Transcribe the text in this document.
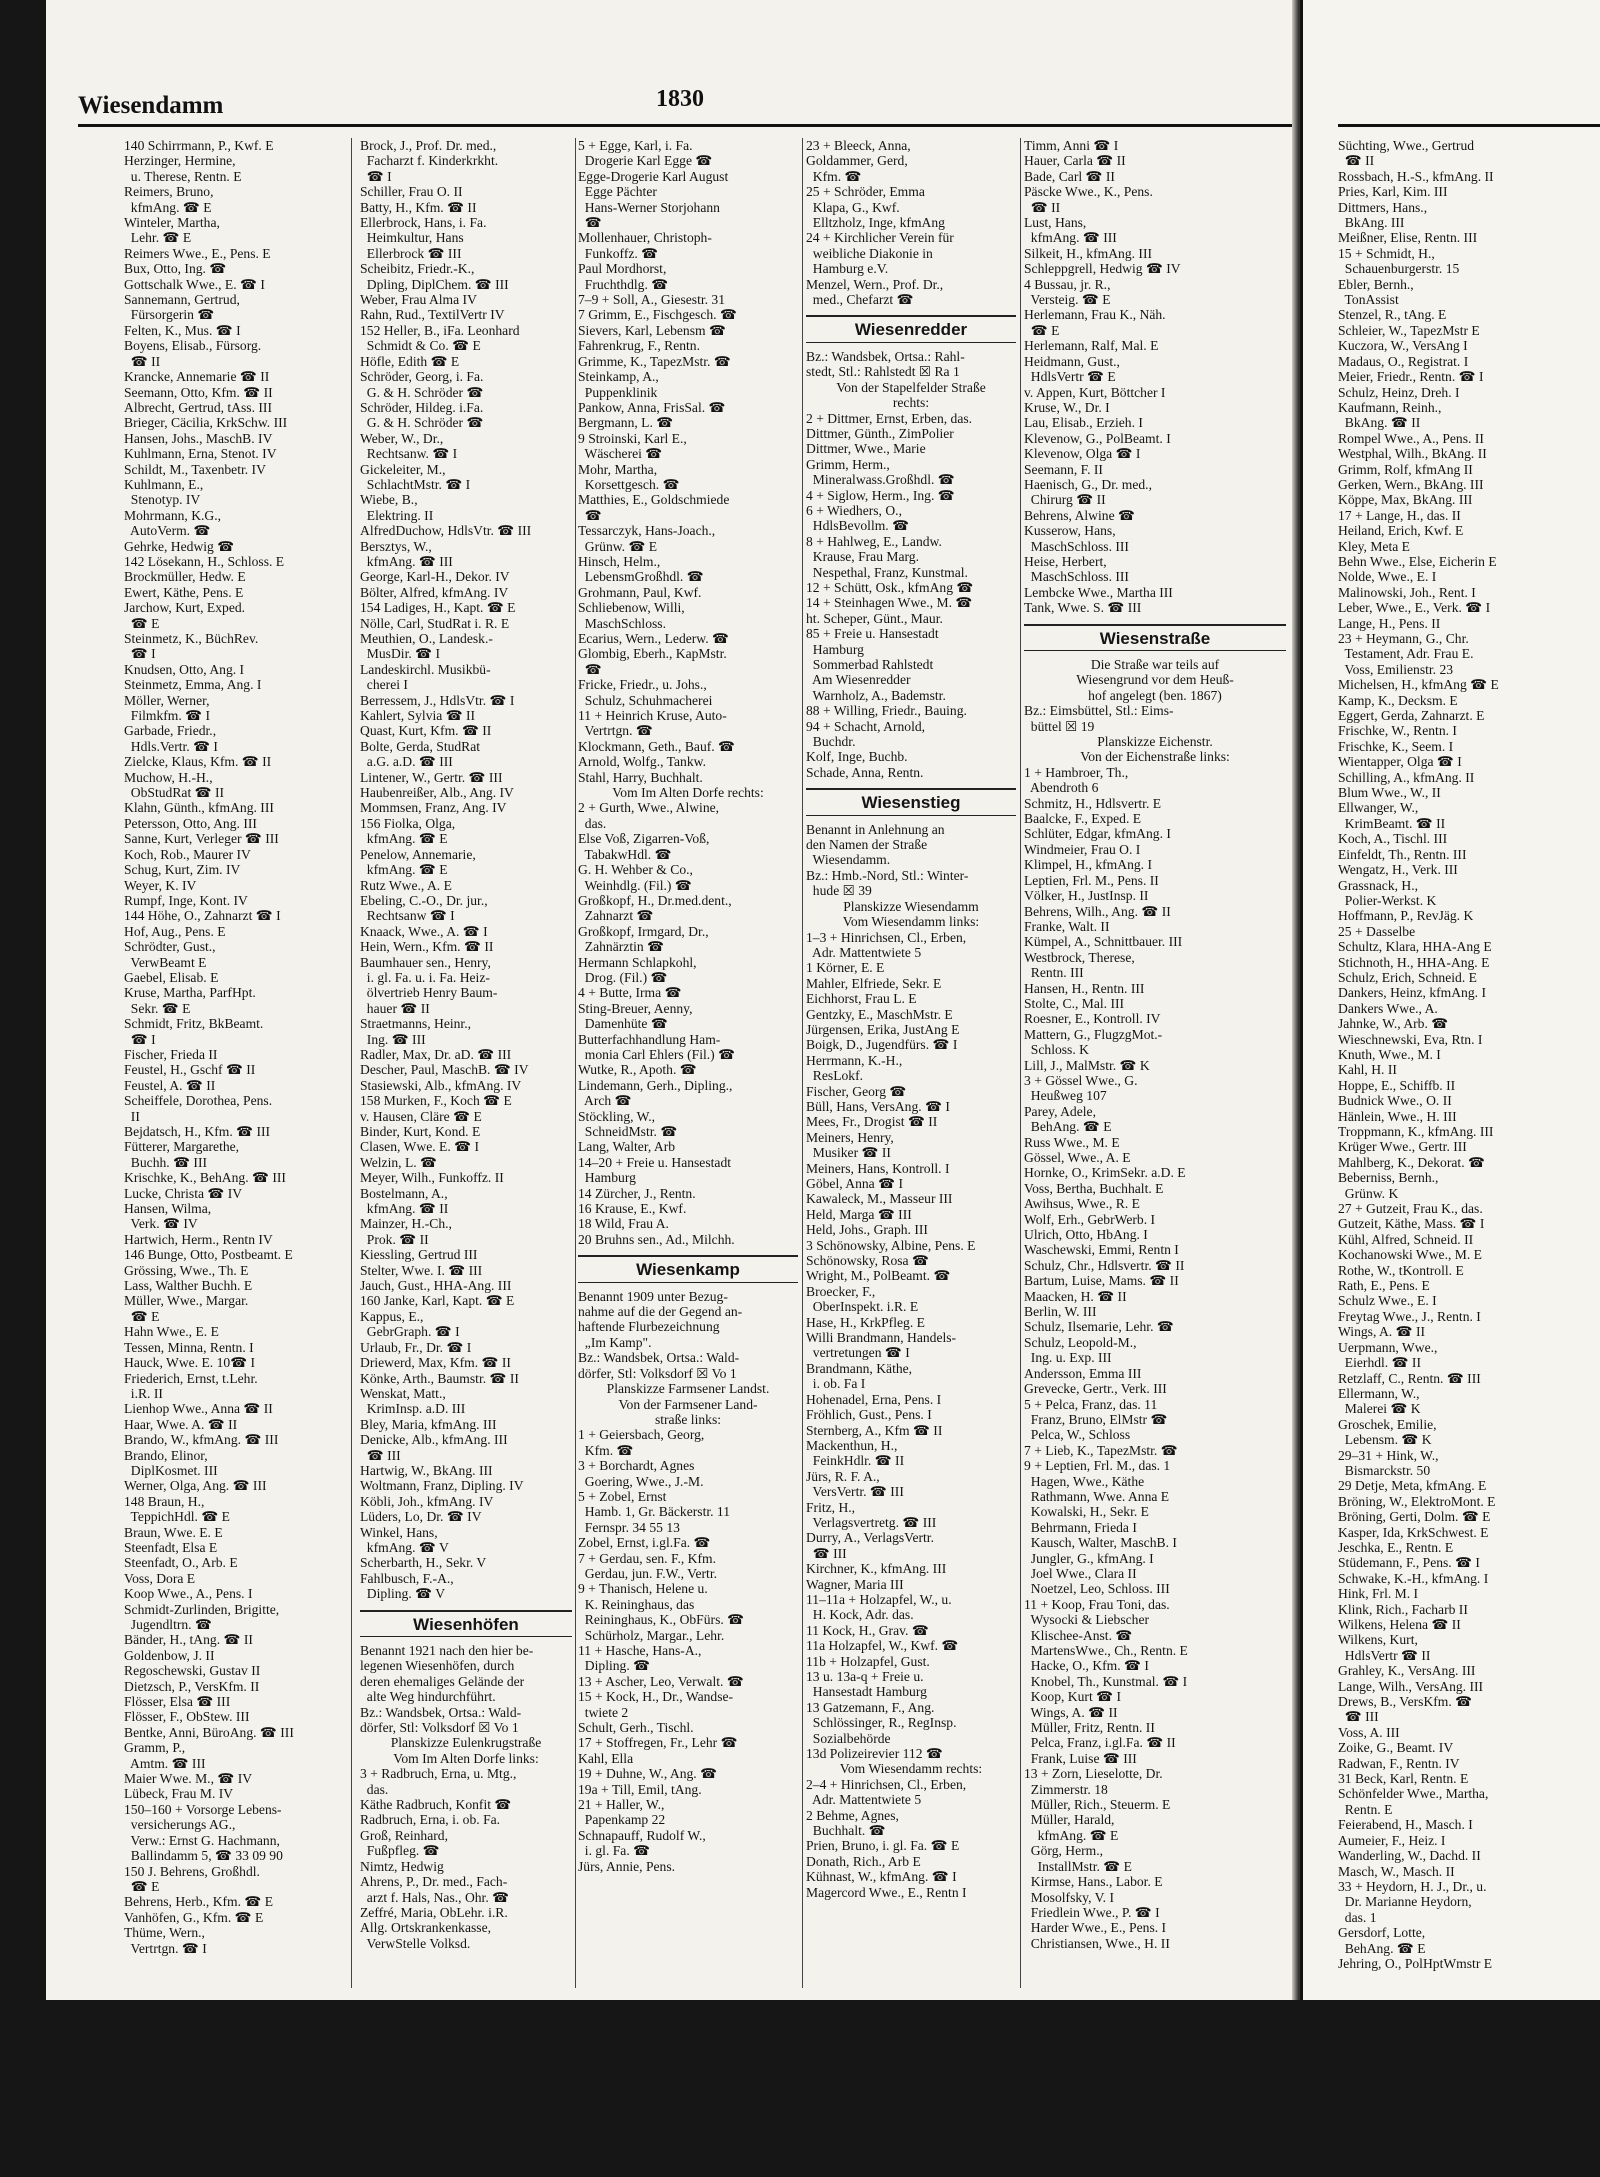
Wiesendamm	1830
140 Schirrmann, P., Kwf. E
Herzinger, Hermine,
u. Therese, Rentn. E
Reimers, Bruno,
kfmAng. ☎ E
Winteler, Martha,
Lehr. ☎ E
Reimers Wwe., E., Pens. E
Bux, Otto, Ing. ☎
Gottschalk Wwe., E. ☎ I
Sannemann, Gertrud,
Fürsorgerin ☎
Felten, K., Mus. ☎ I
Boyens, Elisab., Fürsorg.
☎ II
Krancke, Annemarie ☎ II
Seemann, Otto, Kfm. ☎ II
Albrecht, Gertrud, tAss. III
Brieger, Cäcilia, KrkSchw. III
Hansen, Johs., MaschB. IV
Kuhlmann, Erna, Stenot. IV
Schildt, M., Taxenbetr. IV
Kuhlmann, E.,
Stenotyp. IV
Mohrmann, K.G.,
AutoVerm. ☎
Gehrke, Hedwig ☎
142 Lösekann, H., Schloss. E
Brockmüller, Hedw. E
Ewert, Käthe, Pens. E
Jarchow, Kurt, Exped.
☎ E
Steinmetz, K., BüchRev.
☎ I
Knudsen, Otto, Ang. I
Steinmetz, Emma, Ang. I
Möller, Werner,
Filmkfm. ☎ I
Garbade, Friedr.,
Hdls.Vertr. ☎ I
Zielcke, Klaus, Kfm. ☎ II
Muchow, H.-H.,
ObStudRat ☎ II
Klahn, Günth., kfmAng. III
Petersson, Otto, Ang. III
Sanne, Kurt, Verleger ☎ III
Koch, Rob., Maurer IV
Schug, Kurt, Zim. IV
Weyer, K. IV
Rumpf, Inge, Kont. IV
144 Höhe, O., Zahnarzt ☎ I
Hof, Aug., Pens. E
Schrödter, Gust.,
VerwBeamt E
Gaebel, Elisab. E
Kruse, Martha, ParfHpt.
Sekr. ☎ E
Schmidt, Fritz, BkBeamt.
☎ I
Fischer, Frieda II
Feustel, H., Gschf ☎ II
Feustel, A. ☎ II
Scheiffele, Dorothea, Pens.
II
Bejdatsch, H., Kfm. ☎ III
Fütterer, Margarethe,
Buchh. ☎ III
Krischke, K., BehAng. ☎ III
Lucke, Christa ☎ IV
Hansen, Wilma,
Verk. ☎ IV
Hartwich, Herm., Rentn IV
146 Bunge, Otto, Postbeamt. E
Grössing, Wwe., Th. E
Lass, Walther Buchh. E
Müller, Wwe., Margar.
☎ E
Hahn Wwe., E. E
Tessen, Minna, Rentn. I
Hauck, Wwe. E. 10☎ I
Friederich, Ernst, t.Lehr.
i.R. II
Lienhop Wwe., Anna ☎ II
Haar, Wwe. A. ☎ II
Brando, W., kfmAng. ☎ III
Brando, Elinor,
DiplKosmet. III
Werner, Olga, Ang. ☎ III
148 Braun, H.,
TeppichHdl. ☎ E
Braun, Wwe. E. E
Steenfadt, Elsa E
Steenfadt, O., Arb. E
Voss, Dora E
Koop Wwe., A., Pens. I
Schmidt-Zurlinden, Brigitte,
Jugendltrn. ☎
Bänder, H., tAng. ☎ II
Goldenbow, J. II
Regoschewski, Gustav II
Dietzsch, P., VersKfm. II
Flösser, Elsa ☎ III
Flösser, F., ObStew. III
Bentke, Anni, BüroAng. ☎ III
Gramm, P.,
Amtm. ☎ III
Maier Wwe. M., ☎ IV
Lübeck, Frau M. IV
150–160 + Vorsorge Lebens-
versicherungs AG.,
Verw.: Ernst G. Hachmann,
Ballindamm 5, ☎ 33 09 90
150 J. Behrens, Großhdl.
☎ E
Behrens, Herb., Kfm. ☎ E
Vanhöfen, G., Kfm. ☎ E
Thüme, Wern.,
Vertrtgn. ☎ I
Brock, J., Prof. Dr. med.,
Facharzt f. Kinderkrkht.
☎ I
Schiller, Frau O. II
Batty, H., Kfm. ☎ II
Ellerbrock, Hans, i. Fa.
Heimkultur, Hans
Ellerbrock ☎ III
Scheibitz, Friedr.-K.,
Dpling, DiplChem. ☎ III
Weber, Frau Alma IV
Rahn, Rud., TextilVertr IV
152 Heller, B., iFa. Leonhard
Schmidt & Co. ☎ E
Höfle, Edith ☎ E
Schröder, Georg, i. Fa.
G. & H. Schröder ☎
Schröder, Hildeg. i.Fa.
G. & H. Schröder ☎
Weber, W., Dr.,
Rechtsanw. ☎ I
Gickeleiter, M.,
SchlachtMstr. ☎ I
Wiebe, B.,
Elektring. II
AlfredDuchow, HdlsVtr. ☎ III
Bersztys, W.,
kfmAng. ☎ III
George, Karl-H., Dekor. IV
Bölter, Alfred, kfmAng. IV
154 Ladiges, H., Kapt. ☎ E
Nölle, Carl, StudRat i. R. E
Meuthien, O., Landesk.-
MusDir. ☎ I
Landeskirchl. Musikbü-
cherei I
Berressem, J., HdlsVtr. ☎ I
Kahlert, Sylvia ☎ II
Quast, Kurt, Kfm. ☎ II
Bolte, Gerda, StudRat
a.G. a.D. ☎ III
Lintener, W., Gertr. ☎ III
Haubenreißer, Alb., Ang. IV
Mommsen, Franz, Ang. IV
156 Fiolka, Olga,
kfmAng. ☎ E
Penelow, Annemarie,
kfmAng. ☎ E
Rutz Wwe., A. E
Ebeling, C.-O., Dr. jur.,
Rechtsanw ☎ I
Knaack, Wwe., A. ☎ I
Hein, Wern., Kfm. ☎ II
Baumhauer sen., Henry,
i. gl. Fa. u. i. Fa. Heiz-
ölvertrieb Henry Baum-
hauer ☎ II
Straetmanns, Heinr.,
Ing. ☎ III
Radler, Max, Dr. aD. ☎ III
Descher, Paul, MaschB. ☎ IV
Stasiewski, Alb., kfmAng. IV
158 Murken, F., Koch ☎ E
v. Hausen, Cläre ☎ E
Binder, Kurt, Kond. E
Clasen, Wwe. E. ☎ I
Welzin, L. ☎
Meyer, Wilh., Funkoffz. II
Bostelmann, A.,
kfmAng. ☎ II
Mainzer, H.-Ch.,
Prok. ☎ II
Kiessling, Gertrud III
Stelter, Wwe. I. ☎ III
Jauch, Gust., HHA-Ang. III
160 Janke, Karl, Kapt. ☎ E
Kappus, E.,
GebrGraph. ☎ I
Urlaub, Fr., Dr. ☎ I
Driewerd, Max, Kfm. ☎ II
Könke, Arth., Baumstr. ☎ II
Wenskat, Matt.,
KrimInsp. a.D. III
Bley, Maria, kfmAng. III
Denicke, Alb., kfmAng. III
☎ III
Hartwig, W., BkAng. III
Woltmann, Franz, Dipling. IV
Köbli, Joh., kfmAng. IV
Lüders, Lo, Dr. ☎ IV
Winkel, Hans,
kfmAng. ☎ V
Scherbarth, H., Sekr. V
Fahlbusch, F.-A.,
Dipling. ☎ V
Wiesenhöfen
Benannt 1921 nach den hier be-
legenen Wiesenhöfen, durch
deren ehemaliges Gelände der
alte Weg hindurchführt.
Bz.: Wandsbek, Ortsa.: Wald-
dörfer, Stl: Volksdorf ☒ Vo 1
Planskizze Eulenkrugstraße
Vom Im Alten Dorfe links:
3 + Radbruch, Erna, u. Mtg.,
das.
Käthe Radbruch, Konfit ☎
Radbruch, Erna, i. ob. Fa.
Groß, Reinhard,
Fußpfleg. ☎
Nimtz, Hedwig
Ahrens, P., Dr. med., Fach-
arzt f. Hals, Nas., Ohr. ☎
Zeffré, Maria, ObLehr. i.R.
Allg. Ortskrankenkasse,
VerwStelle Volksd.
5 + Egge, Karl, i. Fa.
Drogerie Karl Egge ☎
Egge-Drogerie Karl August
Egge Pächter
Hans-Werner Storjohann
☎
Mollenhauer, Christoph-
Funkoffz. ☎
Paul Mordhorst,
Fruchthdlg. ☎
7–9 + Soll, A., Giesestr. 31
7 Grimm, E., Fischgesch. ☎
Sievers, Karl, Lebensm ☎
Fahrenkrug, F., Rentn.
Grimme, K., TapezMstr. ☎
Steinkamp, A.,
Puppenklinik
Pankow, Anna, FrisSal. ☎
Bergmann, L. ☎
9 Stroinski, Karl E.,
Wäscherei ☎
Mohr, Martha,
Korsettgesch. ☎
Matthies, E., Goldschmiede
☎
Tessarczyk, Hans-Joach.,
Grünw. ☎ E
Hinsch, Helm.,
LebensmGroßhdl. ☎
Grohmann, Paul, Kwf.
Schliebenow, Willi,
MaschSchloss.
Ecarius, Wern., Lederw. ☎
Glombig, Eberh., KapMstr.
☎
Fricke, Friedr., u. Johs.,
Schulz, Schuhmacherei
11 + Heinrich Kruse, Auto-
Vertrtgn. ☎
Klockmann, Geth., Bauf. ☎
Arnold, Wolfg., Tankw.
Stahl, Harry, Buchhalt.
Vom Im Alten Dorfe rechts:
2 + Gurth, Wwe., Alwine,
das.
Else Voß, Zigarren-Voß,
TabakwHdl. ☎
G. H. Wehber & Co.,
Weinhdlg. (Fil.) ☎
Großkopf, H., Dr.med.dent.,
Zahnarzt ☎
Großkopf, Irmgard, Dr.,
Zahnärztin ☎
Hermann Schlapkohl,
Drog. (Fil.) ☎
4 + Butte, Irma ☎
Sting-Breuer, Aenny,
Damenhüte ☎
Butterfachhandlung Ham-
monia Carl Ehlers (Fil.) ☎
Wutke, R., Apoth. ☎
Lindemann, Gerh., Dipling.,
Arch ☎
Stöckling, W.,
SchneidMstr. ☎
Lang, Walter, Arb
14–20 + Freie u. Hansestadt
Hamburg
14 Zürcher, J., Rentn.
16 Krause, E., Kwf.
18 Wild, Frau A.
20 Bruhns sen., Ad., Milchh.
Wiesenkamp
Benannt 1909 unter Bezug-
nahme auf die der Gegend an-
haftende Flurbezeichnung
„Im Kamp".
Bz.: Wandsbek, Ortsa.: Wald-
dörfer, Stl: Volksdorf ☒ Vo 1
Planskizze Farmsener Landst.
Von der Farmsener Land-
straße links:
1 + Geiersbach, Georg,
Kfm. ☎
3 + Borchardt, Agnes
Goering, Wwe., J.-M.
5 + Zobel, Ernst
Hamb. 1, Gr. Bäckerstr. 11
Fernspr. 34 55 13
Zobel, Ernst, i.gl.Fa. ☎
7 + Gerdau, sen. F., Kfm.
Gerdau, jun. F.W., Vertr.
9 + Thanisch, Helene u.
K. Reininghaus, das
Reininghaus, K., ObFürs. ☎
Schürholz, Margar., Lehr.
11 + Hasche, Hans-A.,
Dipling. ☎
13 + Ascher, Leo, Verwalt. ☎
15 + Kock, H., Dr., Wandse-
twiete 2
Schult, Gerh., Tischl.
17 + Stoffregen, Fr., Lehr ☎
Kahl, Ella
19 + Duhne, W., Ang. ☎
19a + Till, Emil, tAng.
21 + Haller, W.,
Papenkamp 22
Schnapauff, Rudolf W.,
i. gl. Fa. ☎
Jürs, Annie, Pens.
23 + Bleeck, Anna,
Goldammer, Gerd,
Kfm. ☎
25 + Schröder, Emma
Klapa, G., Kwf.
Elltzholz, Inge, kfmAng
24 + Kirchlicher Verein für
weibliche Diakonie in
Hamburg e.V.
Menzel, Wern., Prof. Dr.,
med., Chefarzt ☎
Wiesenredder
Bz.: Wandsbek, Ortsa.: Rahl-
stedt, Stl.: Rahlstedt ☒ Ra 1
Von der Stapelfelder Straße
rechts:
2 + Dittmer, Ernst, Erben, das.
Dittmer, Günth., ZimPolier
Dittmer, Wwe., Marie
Grimm, Herm.,
Mineralwass.Großhdl. ☎
4 + Siglow, Herm., Ing. ☎
6 + Wiedhers, O.,
HdlsBevollm. ☎
8 + Hahlweg, E., Landw.
Krause, Frau Marg.
Nespethal, Franz, Kunstmal.
12 + Schütt, Osk., kfmAng ☎
14 + Steinhagen Wwe., M. ☎
ht. Scheper, Günt., Maur.
85 + Freie u. Hansestadt
Hamburg
Sommerbad Rahlstedt
Am Wiesenredder
Warnholz, A., Bademstr.
88 + Willing, Friedr., Bauing.
94 + Schacht, Arnold,
Buchdr.
Kolf, Inge, Buchb.
Schade, Anna, Rentn.
Wiesenstieg
Benannt in Anlehnung an
den Namen der Straße
Wiesendamm.
Bz.: Hmb.-Nord, Stl.: Winter-
hude ☒ 39
Planskizze Wiesendamm
Vom Wiesendamm links:
1–3 + Hinrichsen, Cl., Erben,
Adr. Mattentwiete 5
1 Körner, E. E
Mahler, Elfriede, Sekr. E
Eichhorst, Frau L. E
Gentzky, E., MaschMstr. E
Jürgensen, Erika, JustAng E
Boigk, D., Jugendfürs. ☎ I
Herrmann, K.-H.,
ResLokf.
Fischer, Georg ☎
Büll, Hans, VersAng. ☎ I
Mees, Fr., Drogist ☎ II
Meiners, Henry,
Musiker ☎ II
Meiners, Hans, Kontroll. I
Göbel, Anna ☎ I
Kawaleck, M., Masseur III
Held, Marga ☎ III
Held, Johs., Graph. III
3 Schönowsky, Albine, Pens. E
Schönowsky, Rosa ☎
Wright, M., PolBeamt. ☎
Broecker, F.,
OberInspekt. i.R. E
Hase, H., KrkPfleg. E
Willi Brandmann, Handels-
vertretungen ☎ I
Brandmann, Käthe,
i. ob. Fa I
Hohenadel, Erna, Pens. I
Fröhlich, Gust., Pens. I
Sternberg, A., Kfm ☎ II
Mackenthun, H.,
FeinkHdlr. ☎ II
Jürs, R. F. A.,
VersVertr. ☎ III
Fritz, H.,
Verlagsvertretg. ☎ III
Durry, A., VerlagsVertr.
☎ III
Kirchner, K., kfmAng. III
Wagner, Maria III
11–11a + Holzapfel, W., u.
H. Kock, Adr. das.
11 Kock, H., Grav. ☎
11a Holzapfel, W., Kwf. ☎
11b + Holzapfel, Gust.
13 u. 13a-q + Freie u.
Hansestadt Hamburg
13 Gatzemann, F., Ang.
Schlössinger, R., RegInsp.
Sozialbehörde
13d Polizeirevier 112 ☎
Vom Wiesendamm rechts:
2–4 + Hinrichsen, Cl., Erben,
Adr. Mattentwiete 5
2 Behme, Agnes,
Buchhalt. ☎
Prien, Bruno, i. gl. Fa. ☎ E
Donath, Rich., Arb E
Kühnast, W., kfmAng. ☎ I
Magercord Wwe., E., Rentn I
Timm, Anni ☎ I
Hauer, Carla ☎ II
Bade, Carl ☎ II
Päscke Wwe., K., Pens.
☎ II
Lust, Hans,
kfmAng. ☎ III
Silkeit, H., kfmAng. III
Schleppgrell, Hedwig ☎ IV
4 Bussau, jr. R.,
Versteig. ☎ E
Herlemann, Frau K., Näh.
☎ E
Herlemann, Ralf, Mal. E
Heidmann, Gust.,
HdlsVertr ☎ E
v. Appen, Kurt, Böttcher I
Kruse, W., Dr. I
Lau, Elisab., Erzieh. I
Klevenow, G., PolBeamt. I
Klevenow, Olga ☎ I
Seemann, F. II
Haenisch, G., Dr. med.,
Chirurg ☎ II
Behrens, Alwine ☎
Kusserow, Hans,
MaschSchloss. III
Heise, Herbert,
MaschSchloss. III
Lembcke Wwe., Martha III
Tank, Wwe. S. ☎ III
Wiesenstraße
Die Straße war teils auf
Wiesengrund vor dem Heuß-
hof angelegt (ben. 1867)
Bz.: Eimsbüttel, Stl.: Eims-
büttel ☒ 19
Planskizze Eichenstr.
Von der Eichenstraße links:
1 + Hambroer, Th.,
Abendroth 6
Schmitz, H., Hdlsvertr. E
Baalcke, F., Exped. E
Schlüter, Edgar, kfmAng. I
Windmeier, Frau O. I
Klimpel, H., kfmAng. I
Leptien, Frl. M., Pens. II
Völker, H., JustInsp. II
Behrens, Wilh., Ang. ☎ II
Franke, Walt. II
Kümpel, A., Schnittbauer. III
Westbrock, Therese,
Rentn. III
Hansen, H., Rentn. III
Stolte, C., Mal. III
Roesner, E., Kontroll. IV
Mattern, G., FlugzgMot.-
Schloss. K
Lill, J., MalMstr. ☎ K
3 + Gössel Wwe., G.
Heußweg 107
Parey, Adele,
BehAng. ☎ E
Russ Wwe., M. E
Gössel, Wwe., A. E
Hornke, O., KrimSekr. a.D. E
Voss, Bertha, Buchhalt. E
Awihsus, Wwe., R. E
Wolf, Erh., GebrWerb. I
Ulrich, Otto, HbAng. I
Waschewski, Emmi, Rentn I
Schulz, Chr., Hdlsvertr. ☎ II
Bartum, Luise, Mams. ☎ II
Maacken, H. ☎ II
Berlin, W. III
Schulz, Ilsemarie, Lehr. ☎
Schulz, Leopold-M.,
Ing. u. Exp. III
Andersson, Emma III
Grevecke, Gertr., Verk. III
5 + Pelca, Franz, das. 11
Franz, Bruno, ElMstr ☎
Pelca, W., Schloss
7 + Lieb, K., TapezMstr. ☎
9 + Leptien, Frl. M., das. 1
Hagen, Wwe., Käthe
Rathmann, Wwe. Anna E
Kowalski, H., Sekr. E
Behrmann, Frieda I
Kausch, Walter, MaschB. I
Jungler, G., kfmAng. I
Joel Wwe., Clara II
Noetzel, Leo, Schloss. III
11 + Koop, Frau Toni, das.
Wysocki & Liebscher
Klischee-Anst. ☎
MartensWwe., Ch., Rentn. E
Hacke, O., Kfm. ☎ I
Knobel, Th., Kunstmal. ☎ I
Koop, Kurt ☎ I
Wings, A. ☎ II
Müller, Fritz, Rentn. II
Pelca, Franz, i.gl.Fa. ☎ II
Frank, Luise ☎ III
13 + Zorn, Lieselotte, Dr.
Zimmerstr. 18
Müller, Rich., Steuerm. E
Müller, Harald,
kfmAng. ☎ E
Görg, Herm.,
InstallMstr. ☎ E
Kirmse, Hans., Labor. E
Mosolfsky, V. I
Friedlein Wwe., P. ☎ I
Harder Wwe., E., Pens. I
Christiansen, Wwe., H. II
Süchting, Wwe., Gertrud
☎ II
Rossbach, H.-S., kfmAng. II
Pries, Karl, Kim. III
Dittmers, Hans.,
BkAng. III
Meißner, Elise, Rentn. III
15 + Schmidt, H.,
Schauenburgerstr. 15
Ebler, Bernh.,
TonAssist
Stenzel, R., tAng. E
Schleier, W., TapezMstr E
Kuczora, W., VersAng I
Madaus, O., Registrat. I
Meier, Friedr., Rentn. ☎ I
Schulz, Heinz, Dreh. I
Kaufmann, Reinh.,
BkAng. ☎ II
Rompel Wwe., A., Pens. II
Westphal, Wilh., BkAng. II
Grimm, Rolf, kfmAng II
Gerken, Wern., BkAng. III
Köppe, Max, BkAng. III
17 + Lange, H., das. II
Heiland, Erich, Kwf. E
Kley, Meta E
Behn Wwe., Else, Eicherin E
Nolde, Wwe., E. I
Malinowski, Joh., Rent. I
Leber, Wwe., E., Verk. ☎ I
Lange, H., Pens. II
23 + Heymann, G., Chr.
Testament, Adr. Frau E.
Voss, Emilienstr. 23
Michelsen, H., kfmAng ☎ E
Kamp, K., Decksm. E
Eggert, Gerda, Zahnarzt. E
Frischke, W., Rentn. I
Frischke, K., Seem. I
Wientapper, Olga ☎ I
Schilling, A., kfmAng. II
Blum Wwe., W., II
Ellwanger, W.,
KrimBeamt. ☎ II
Koch, A., Tischl. III
Einfeldt, Th., Rentn. III
Wengatz, H., Verk. III
Grassnack, H.,
Polier-Werkst. K
Hoffmann, P., RevJäg. K
25 + Dasselbe
Schultz, Klara, HHA-Ang E
Stichnoth, H., HHA-Ang. E
Schulz, Erich, Schneid. E
Dankers, Heinz, kfmAng. I
Dankers Wwe., A.
Jahnke, W., Arb. ☎
Wieschnewski, Eva, Rtn. I
Knuth, Wwe., M. I
Kahl, H. II
Hoppe, E., Schiffb. II
Budnick Wwe., O. II
Hänlein, Wwe., H. III
Troppmann, K., kfmAng. III
Krüger Wwe., Gertr. III
Mahlberg, K., Dekorat. ☎
Beberniss, Bernh.,
Grünw. K
27 + Gutzeit, Frau K., das.
Gutzeit, Käthe, Mass. ☎ I
Kühl, Alfred, Schneid. II
Kochanowski Wwe., M. E
Rothe, W., tKontroll. E
Rath, E., Pens. E
Schulz Wwe., E. I
Freytag Wwe., J., Rentn. I
Wings, A. ☎ II
Uerpmann, Wwe.,
Eierhdl. ☎ II
Retzlaff, C., Rentn. ☎ III
Ellermann, W.,
Malerei ☎ K
Groschek, Emilie,
Lebensm. ☎ K
29–31 + Hink, W.,
Bismarckstr. 50
29 Detje, Meta, kfmAng. E
Bröning, W., ElektroMont. E
Bröning, Gerti, Dolm. ☎ E
Kasper, Ida, KrkSchwest. E
Jeschka, E., Rentn. E
Stüdemann, F., Pens. ☎ I
Schwake, K.-H., kfmAng. I
Hink, Frl. M. I
Klink, Rich., Facharb II
Wilkens, Helena ☎ II
Wilkens, Kurt,
HdlsVertr ☎ II
Grahley, K., VersAng. III
Lange, Wilh., VersAng. III
Drews, B., VersKfm. ☎
☎ III
Voss, A. III
Zoike, G., Beamt. IV
Radwan, F., Rentn. IV
31 Beck, Karl, Rentn. E
Schönfelder Wwe., Martha,
Rentn. E
Feierabend, H., Masch. I
Aumeier, F., Heiz. I
Wanderling, W., Dachd. II
Masch, W., Masch. II
33 + Heydorn, H. J., Dr., u.
Dr. Marianne Heydorn,
das. 1
Gersdorf, Lotte,
BehAng. ☎ E
Jehring, O., PolHptWmstr E
